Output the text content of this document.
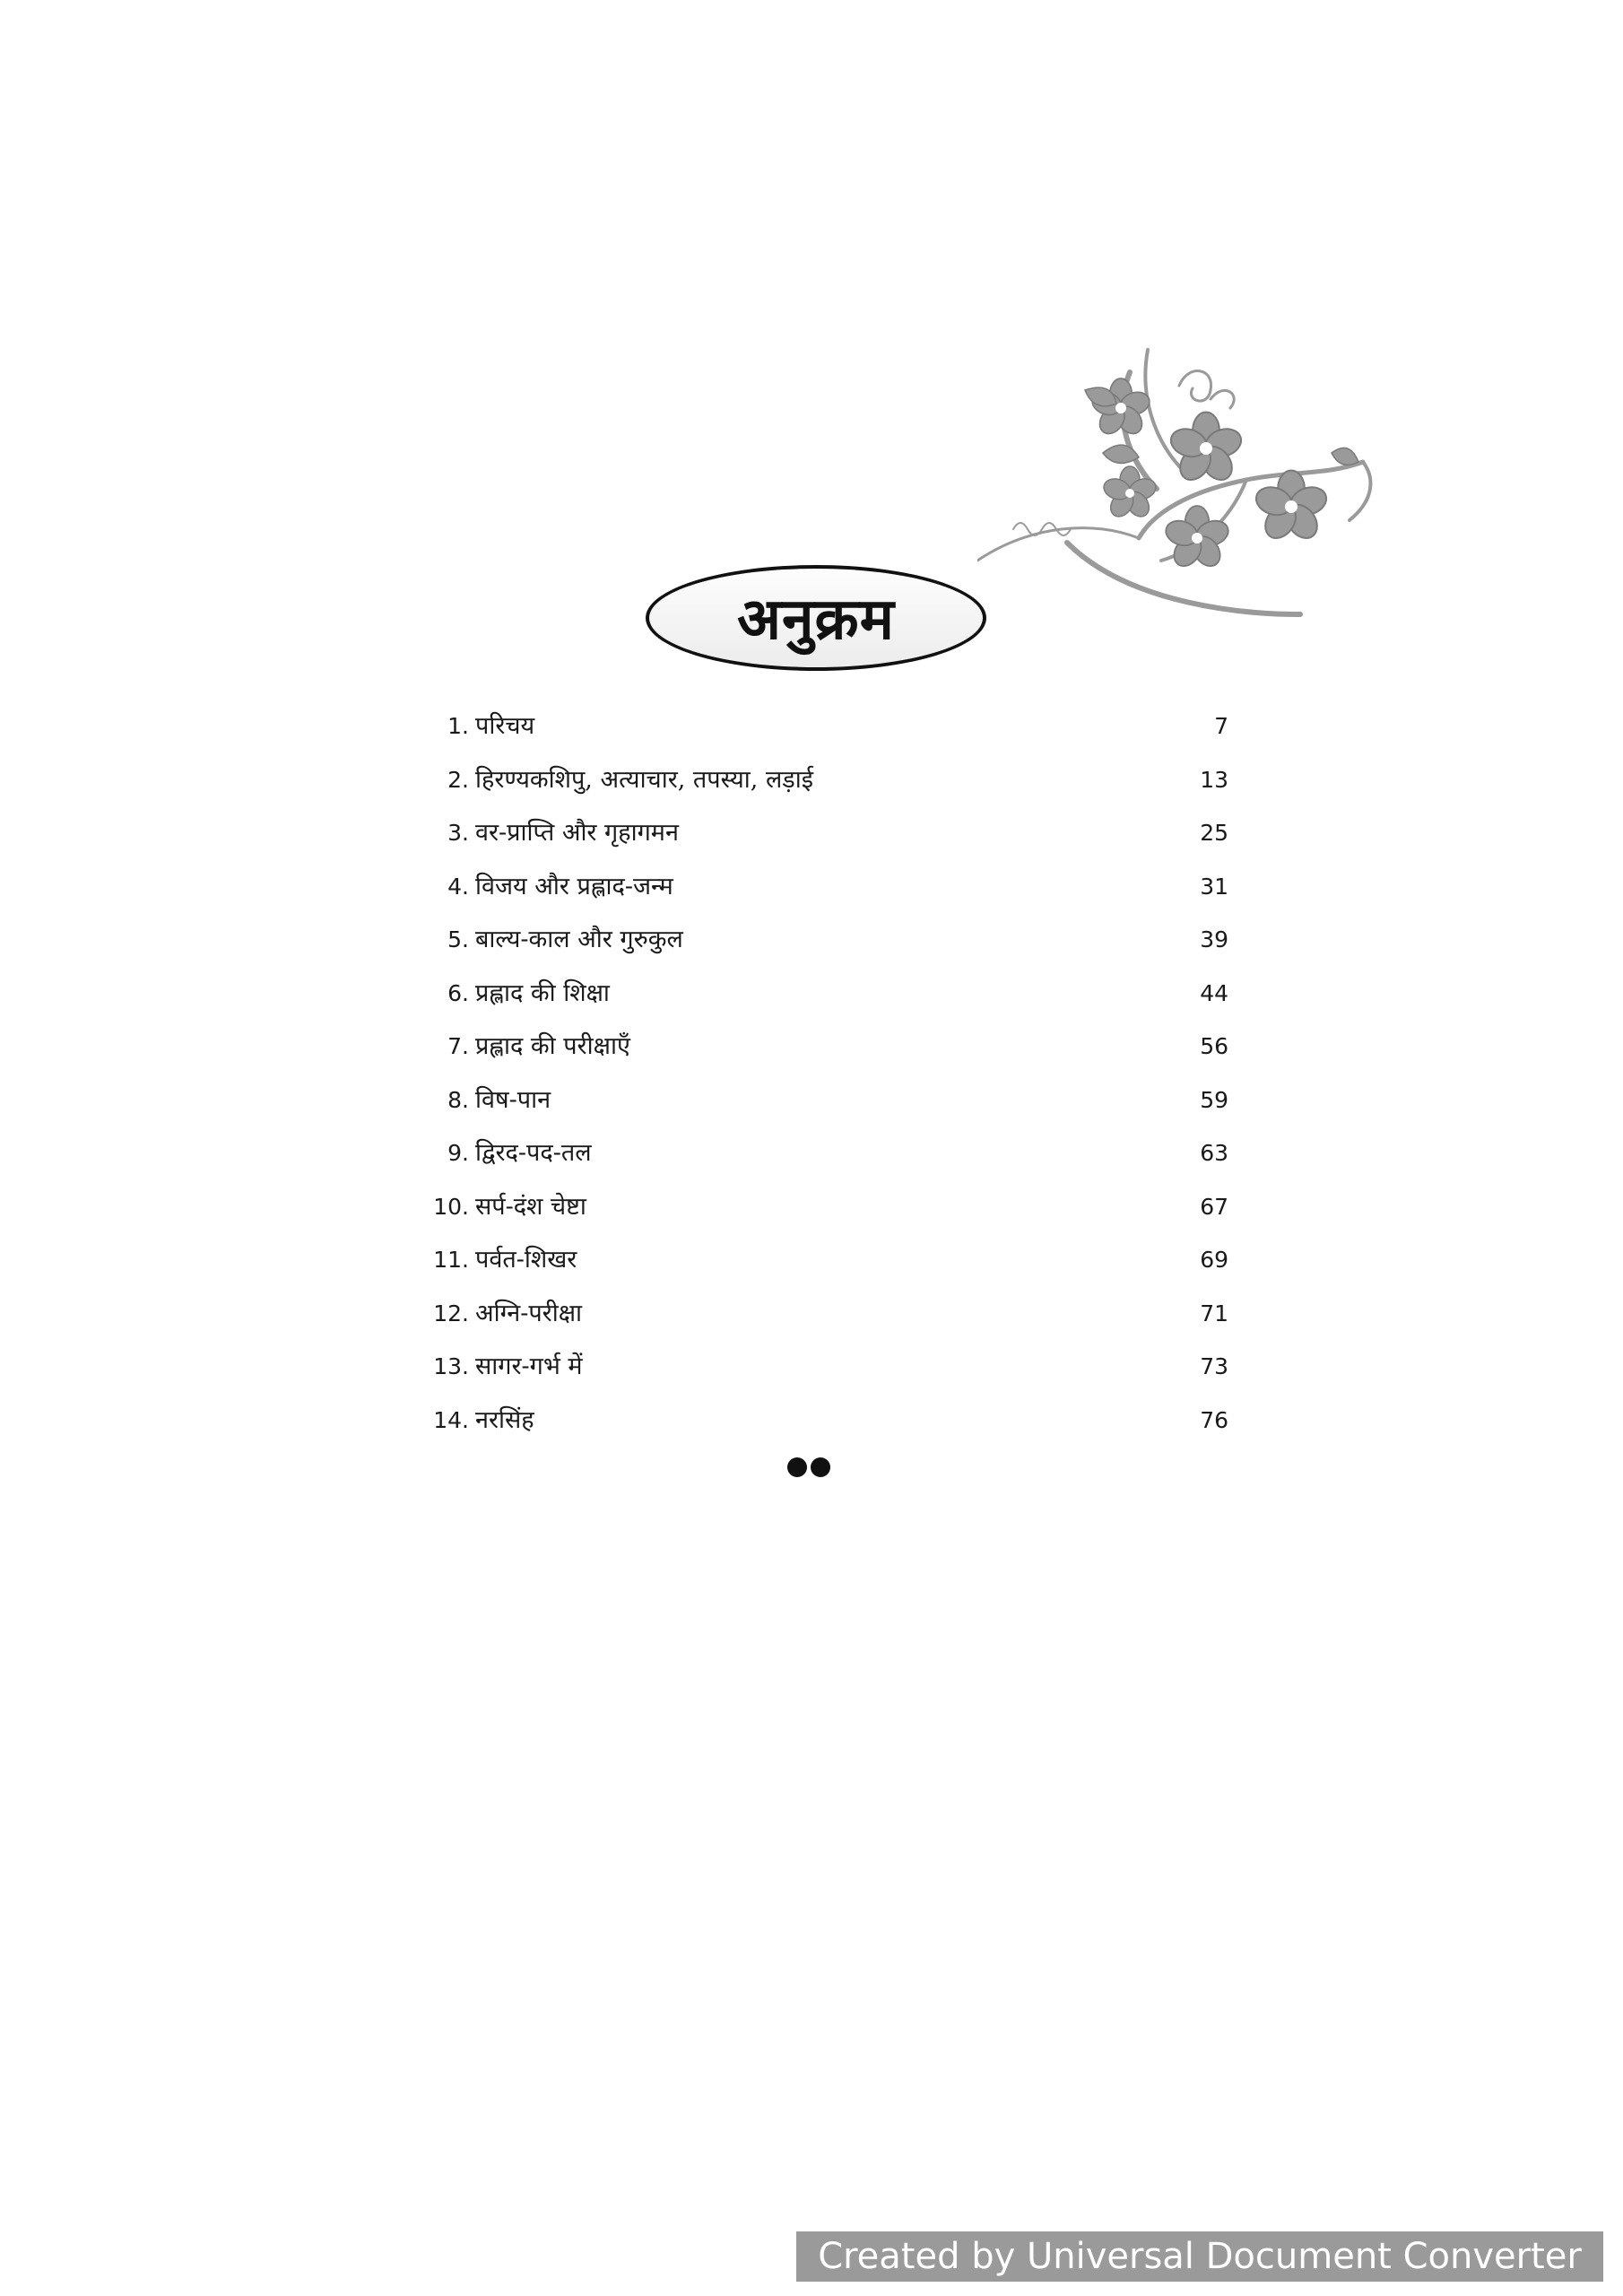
अनुक्रम
1. परिचय	7
2. हिरण्यकशिपु, अत्याचार, तपस्या, लड़ाई	13
3. वर-प्राप्ति और गृहागमन	25
4. विजय और प्रह्लाद-जन्म	31
5. बाल्य-काल और गुरुकुल	39
6. प्रह्लाद की शिक्षा	44
7. प्रह्लाद की परीक्षाएँ	56
8. विष-पान	59
9. द्विरद-पद-तल	63
10. सर्प-दंश चेष्टा	67
11. पर्वत-शिखर	69
12. अग्नि-परीक्षा	71
13. सागर-गर्भ में	73
14. नरसिंह	76
Created by Universal Document Converter
